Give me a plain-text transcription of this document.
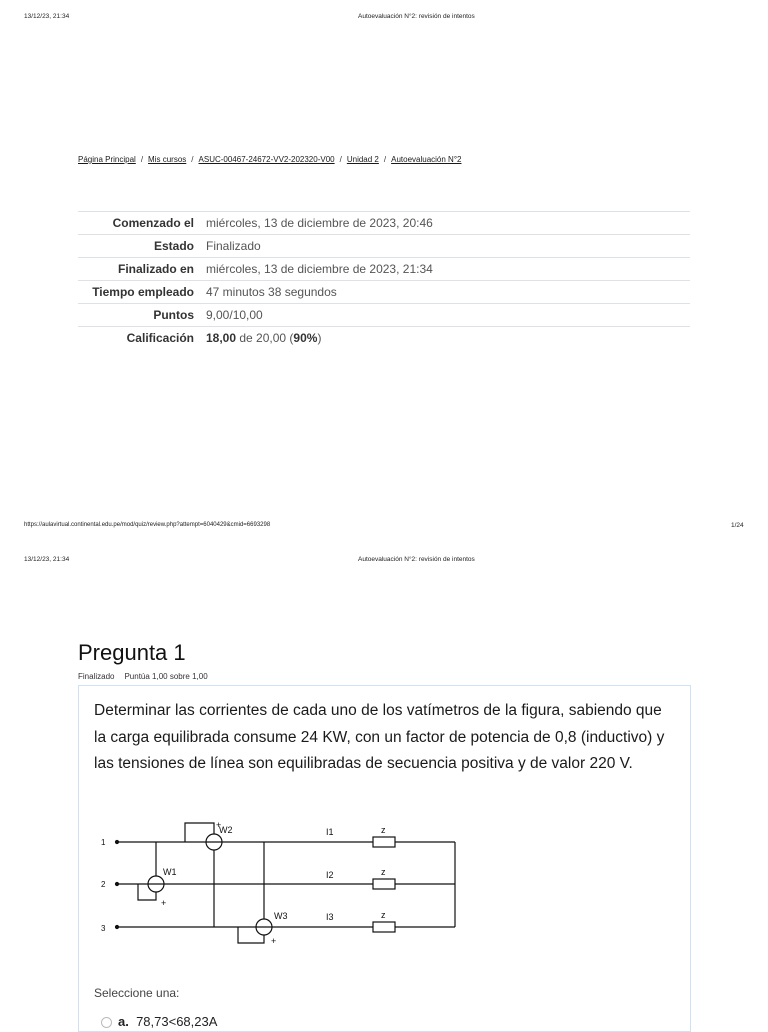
13/12/23, 21:34	Autoevaluación N°2: revisión de intentos
Página Principal / Mis cursos / ASUC-00467-24672-VV2-202320-V00 / Unidad 2 / Autoevaluación N°2
Comenzado el	miércoles, 13 de diciembre de 2023, 20:46
Estado	Finalizado
Finalizado en	miércoles, 13 de diciembre de 2023, 21:34
Tiempo empleado	47 minutos 38 segundos
Puntos	9,00/10,00
Calificación	18,00 de 20,00 (90%)
https://aulavirtual.continental.edu.pe/mod/quiz/review.php?attempt=6040429&cmid=6693298	1/24
13/12/23, 21:34	Autoevaluación N°2: revisión de intentos
Pregunta 1
Finalizado Puntúa 1,00 sobre 1,00
Determinar las corrientes de cada uno de los vatímetros de la figura, sabiendo que la carga equilibrada consume 24 KW, con un factor de potencia de 0,8 (inductivo) y las tensiones de línea son equilibradas de secuencia positiva y de valor 220 V.
1
2
3
W1
+
W2
+
W3
+
I1
I2
I3
z
z
z
Seleccione una:
a. 78,73<68,23A
